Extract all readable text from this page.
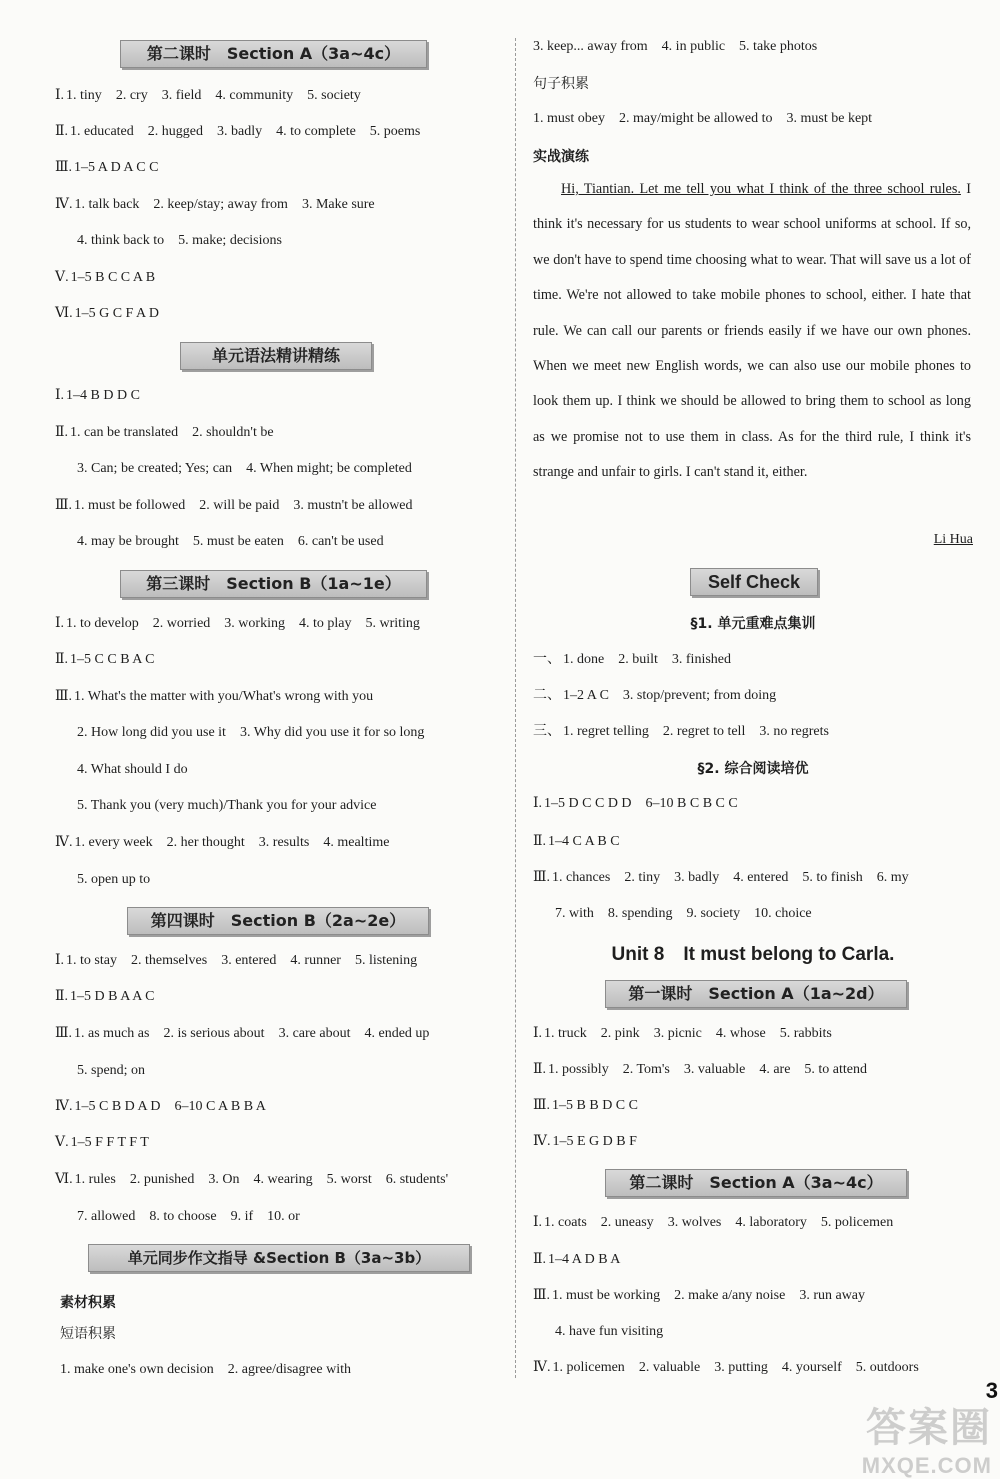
第二课时　Section A（3a~4c）
Ⅰ. 1. tiny 2. cry 3. field 4. community 5. society
Ⅱ. 1. educated 2. hugged 3. badly 4. to complete 5. poems
Ⅲ. 1–5 A D A C C
Ⅳ. 1. talk back 2. keep/stay; away from 3. Make sure
4. think back to 5. make; decisions
Ⅴ. 1–5 B C C A B
Ⅵ. 1–5 G C F A D
单元语法精讲精练
Ⅰ. 1–4 B D D C
Ⅱ. 1. can be translated 2. shouldn't be
3. Can; be created; Yes; can 4. When might; be completed
Ⅲ. 1. must be followed 2. will be paid 3. mustn't be allowed
4. may be brought 5. must be eaten 6. can't be used
第三课时　Section B（1a~1e）
Ⅰ. 1. to develop 2. worried 3. working 4. to play 5. writing
Ⅱ. 1–5 C C B A C
Ⅲ. 1. What's the matter with you/What's wrong with you
2. How long did you use it 3. Why did you use it for so long
4. What should I do
5. Thank you (very much)/Thank you for your advice
Ⅳ. 1. every week 2. her thought 3. results 4. mealtime
5. open up to
第四课时　Section B（2a~2e）
Ⅰ. 1. to stay 2. themselves 3. entered 4. runner 5. listening
Ⅱ. 1–5 D B A A C
Ⅲ. 1. as much as 2. is serious about 3. care about 4. ended up
5. spend; on
Ⅳ. 1–5 C B D A D 6–10 C A B B A
Ⅴ. 1–5 F F T F T
Ⅵ. 1. rules 2. punished 3. On 4. wearing 5. worst 6. students'
7. allowed 8. to choose 9. if 10. or
单元同步作文指导 &Section B（3a~3b）
素材积累
短语积累
1. make one's own decision　2. agree/disagree with
3. keep... away from　4. in public　5. take photos
句子积累
1. must obey　2. may/might be allowed to　3. must be kept
实战演练

Hi, Tiantian. Let me tell you what I think of the three school rules. I think it's necessary for us students to wear school uniforms at school. If so, we don't have to spend time choosing what to wear. That will save us a lot of time. We're not allowed to take mobile phones to school, either. I hate that rule. We can call our parents or friends easily if we have our own phones. When we meet new English words, we can also use our mobile phones to look them up. I think we should be allowed to bring them to school as long as we promise not to use them in class. As for the third rule, I think it's strange and unfair to girls. I can't stand it, either.

Li Hua
Self Check
§1. 单元重难点集训
一、 1. done 2. built 3. finished
二、 1–2 A C 3. stop/prevent; from doing
三、 1. regret telling 2. regret to tell 3. no regrets
§2. 综合阅读培优
Ⅰ. 1–5 D C C D D 6–10 B C B C C
Ⅱ. 1–4 C A B C
Ⅲ. 1. chances 2. tiny 3. badly 4. entered 5. to finish 6. my
7. with 8. spending 9. society 10. choice
Unit 8　It must belong to Carla.
第一课时　Section A（1a~2d）
Ⅰ. 1. truck 2. pink 3. picnic 4. whose 5. rabbits
Ⅱ. 1. possibly 2. Tom's 3. valuable 4. are 5. to attend
Ⅲ. 1–5 B B D C C
Ⅳ. 1–5 E G D B F
第二课时　Section A（3a~4c）
Ⅰ. 1. coats 2. uneasy 3. wolves 4. laboratory 5. policemen
Ⅱ. 1–4 A D B A
Ⅲ. 1. must be working 2. make a/any noise 3. run away
4. have fun visiting
Ⅳ. 1. policemen 2. valuable 3. putting 4. yourself 5. outdoors
3
答案圈
MXQE.COM
